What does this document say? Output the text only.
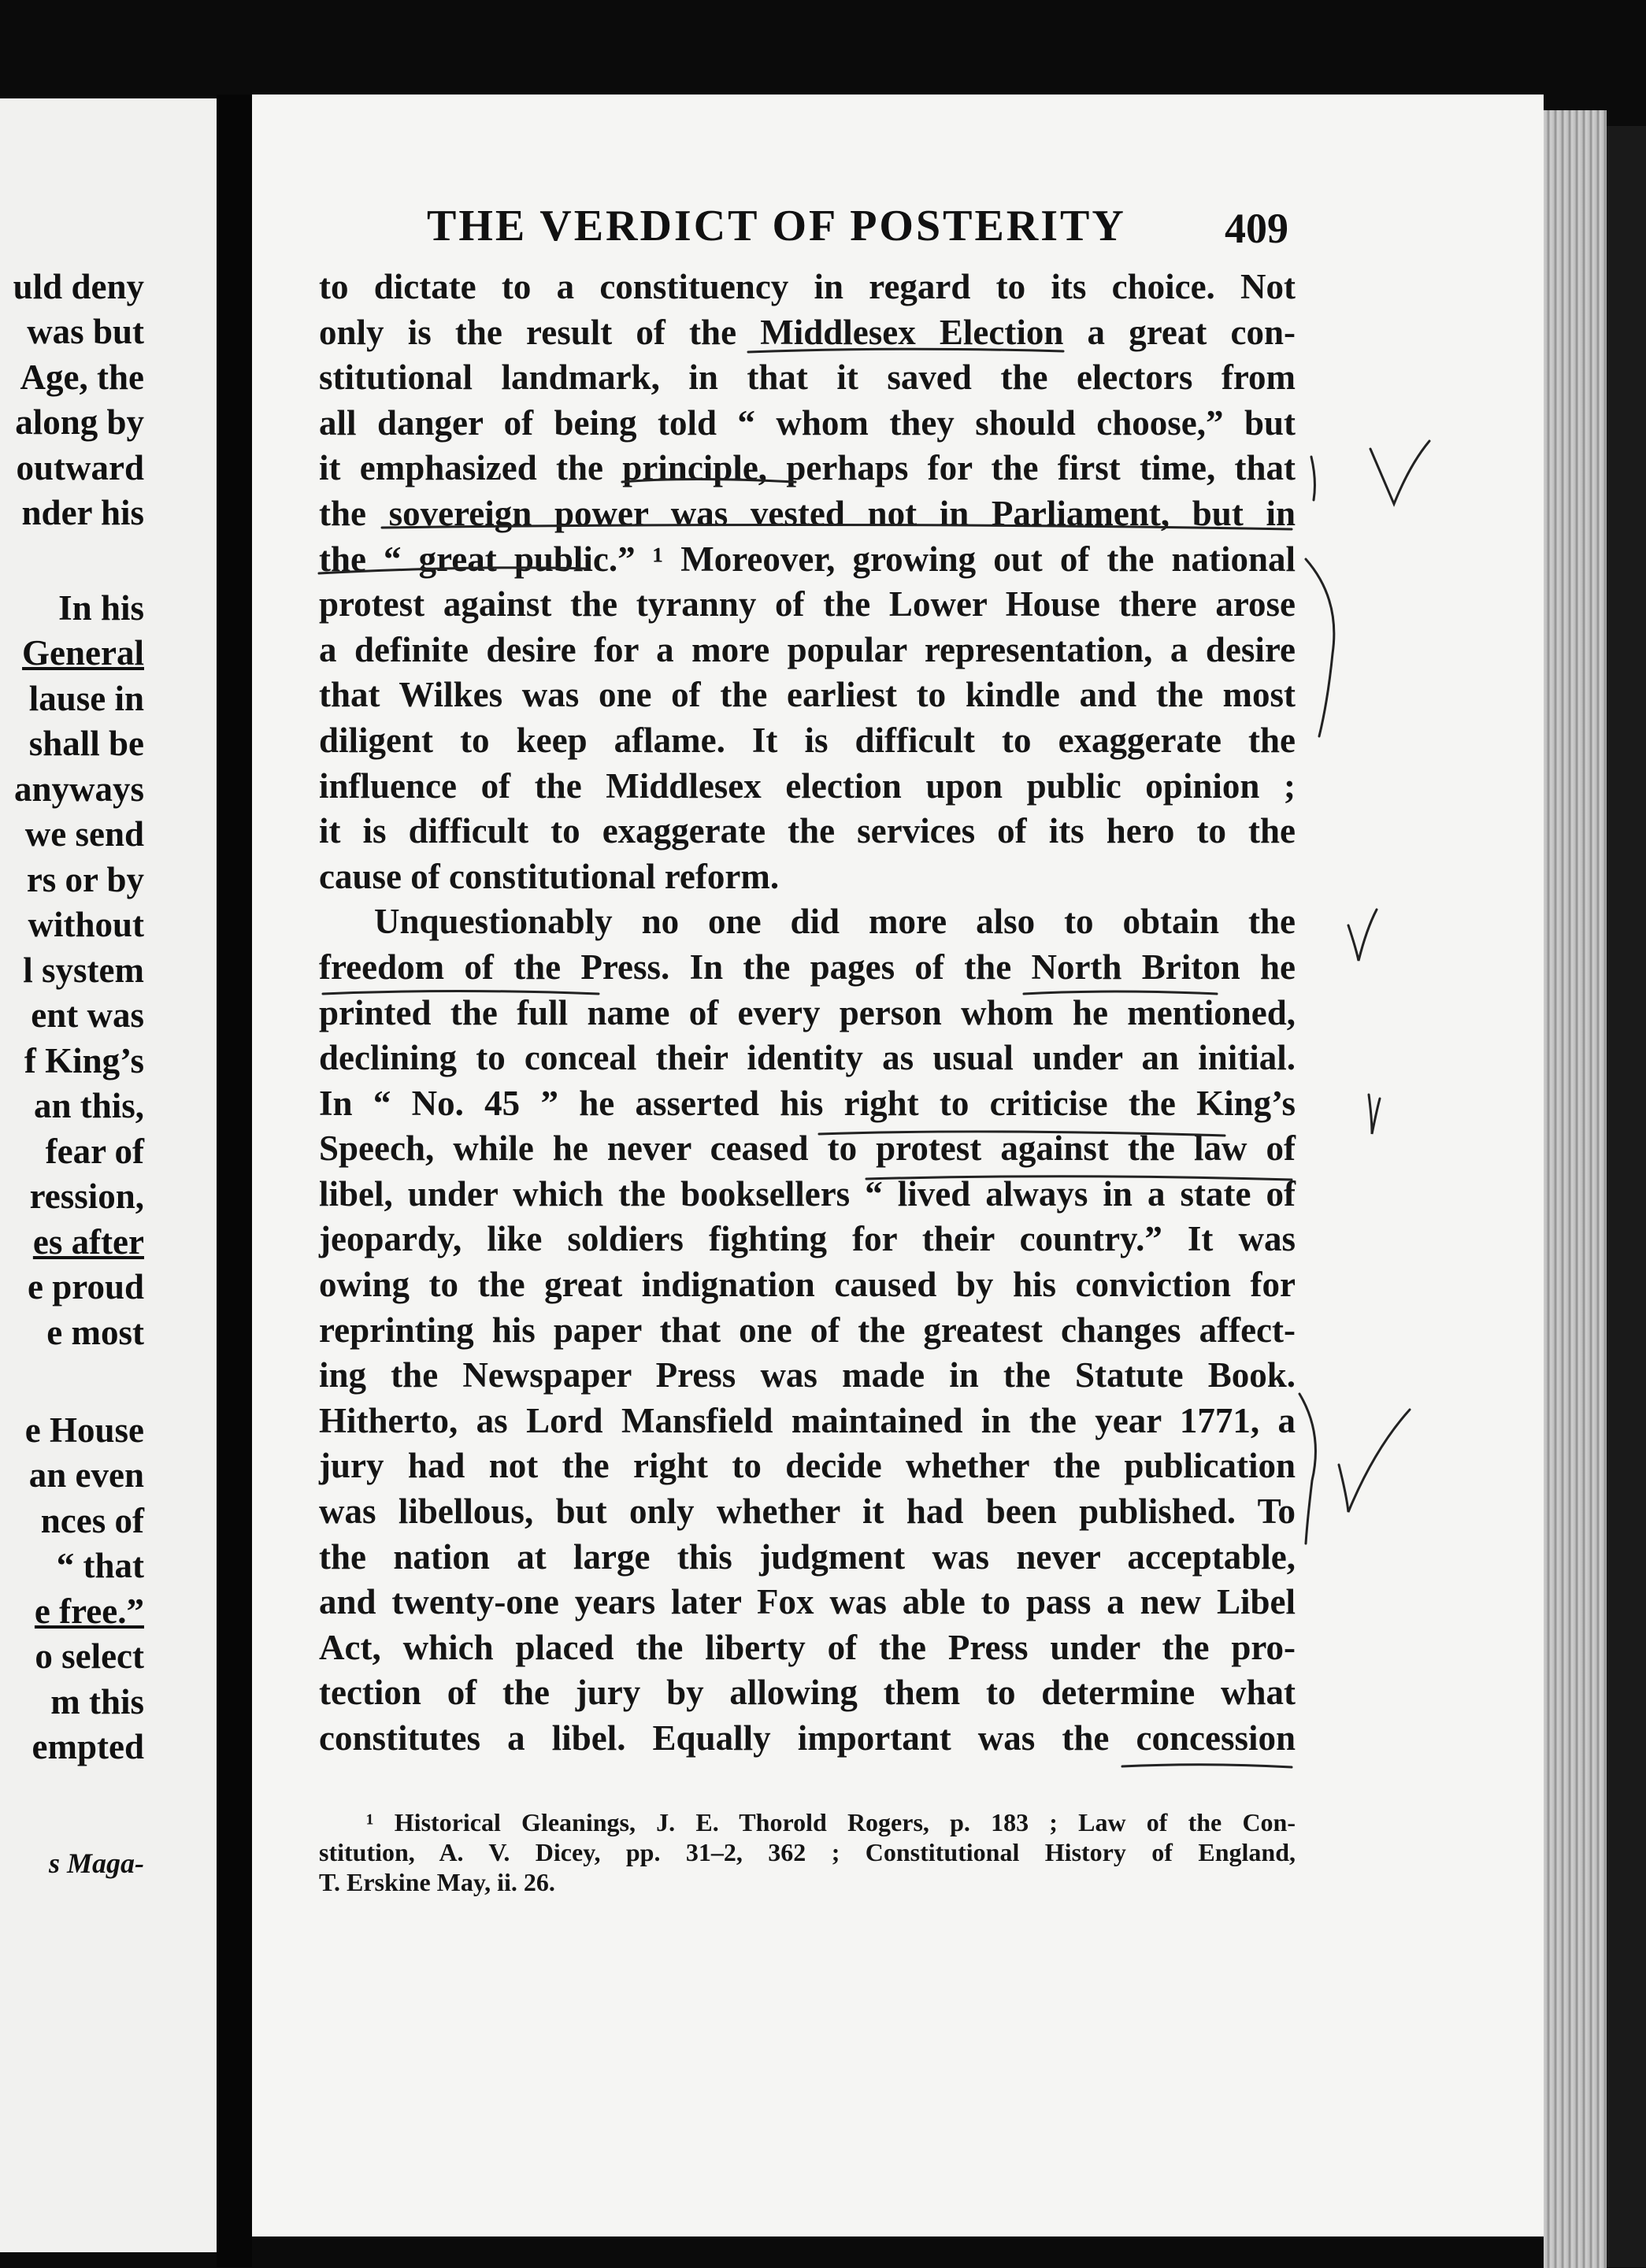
uld deny
was but
Age, the
along by
outward
nder his
In his
General
lause in
shall be
anyways
we send
rs or by
without
l system
ent was
f King’s
an this,
fear of
ression,
es after
e proud
e most
e House
an even
nces of
“ that
e free.”
o select
m this
empted
s Maga-
THE VERDICT OF POSTERITY 409
to dictate to a constituency in regard to its choice. Not
only is the result of the Middlesex Election a great con-
stitutional landmark, in that it saved the electors from
all danger of being told “ whom they should choose,” but
it emphasized the principle, perhaps for the first time, that
the sovereign power was vested not in Parliament, but in
the “ great public.” ¹ Moreover, growing out of the national
protest against the tyranny of the Lower House there arose
a definite desire for a more popular representation, a desire
that Wilkes was one of the earliest to kindle and the most
diligent to keep aflame. It is difficult to exaggerate the
influence of the Middlesex election upon public opinion ;
it is difficult to exaggerate the services of its hero to the
cause of constitutional reform.
Unquestionably no one did more also to obtain the
freedom of the Press. In the pages of the North Briton he
printed the full name of every person whom he mentioned,
declining to conceal their identity as usual under an initial.
In “ No. 45 ” he asserted his right to criticise the King’s
Speech, while he never ceased to protest against the law of
libel, under which the booksellers “ lived always in a state of
jeopardy, like soldiers fighting for their country.” It was
owing to the great indignation caused by his conviction for
reprinting his paper that one of the greatest changes affect-
ing the Newspaper Press was made in the Statute Book.
Hitherto, as Lord Mansfield maintained in the year 1771, a
jury had not the right to decide whether the publication
was libellous, but only whether it had been published. To
the nation at large this judgment was never acceptable,
and twenty-one years later Fox was able to pass a new Libel
Act, which placed the liberty of the Press under the pro-
tection of the jury by allowing them to determine what
constitutes a libel. Equally important was the concession
¹ Historical Gleanings, J. E. Thorold Rogers, p. 183 ; Law of the Con-
stitution, A. V. Dicey, pp. 31–2, 362 ; Constitutional History of England,
T. Erskine May, ii. 26.
